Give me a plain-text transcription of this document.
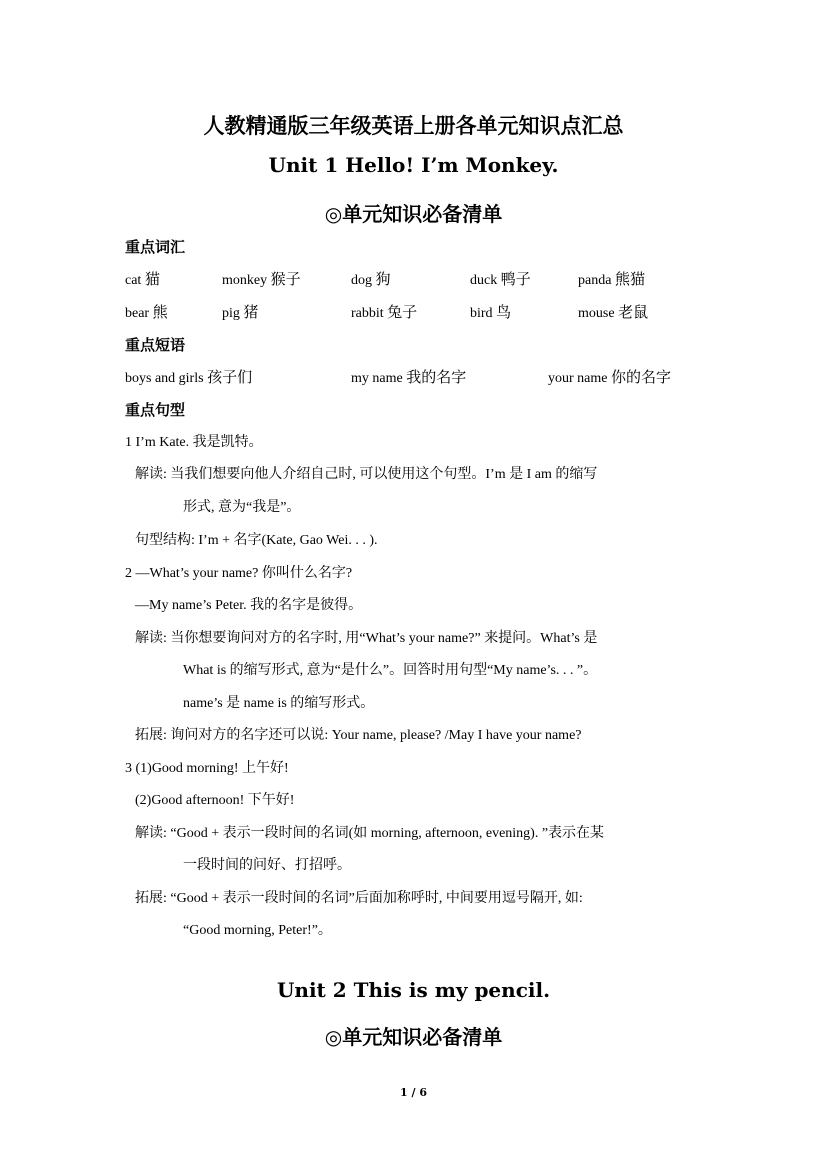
人教精通版三年级英语上册各单元知识点汇总
Unit 1 Hello! I’m Monkey.
◎单元知识必备清单
重点词汇
cat 猫	monkey 猴子	dog 狗	duck 鸭子	panda 熊猫
bear 熊	pig 猪	rabbit 兔子	bird 鸟	mouse 老鼠
重点短语
boys and girls 孩子们	my name 我的名字	your name 你的名字
重点句型
1 I’m Kate. 我是凯特。
解读: 当我们想要向他人介绍自己时, 可以使用这个句型。I’m 是 I am 的缩写
形式, 意为“我是”。
句型结构: I’m + 名字(Kate, Gao Wei. . . ).
2 —What’s your name? 你叫什么名字?
—My name’s Peter. 我的名字是彼得。
解读: 当你想要询问对方的名字时, 用“What’s your name?” 来提问。What’s 是
What is 的缩写形式, 意为“是什么”。回答时用句型“My name’s. . . ”。
name’s 是 name is 的缩写形式。
拓展: 询问对方的名字还可以说: Your name, please? /May I have your name?
3 (1)Good morning! 上午好!
(2)Good afternoon! 下午好!
解读: “Good + 表示一段时间的名词(如 morning, afternoon, evening). ”表示在某
一段时间的问好、打招呼。
拓展: “Good + 表示一段时间的名词”后面加称呼时, 中间要用逗号隔开, 如:
“Good morning, Peter!”。
Unit 2 This is my pencil.
◎单元知识必备清单
1 / 6
